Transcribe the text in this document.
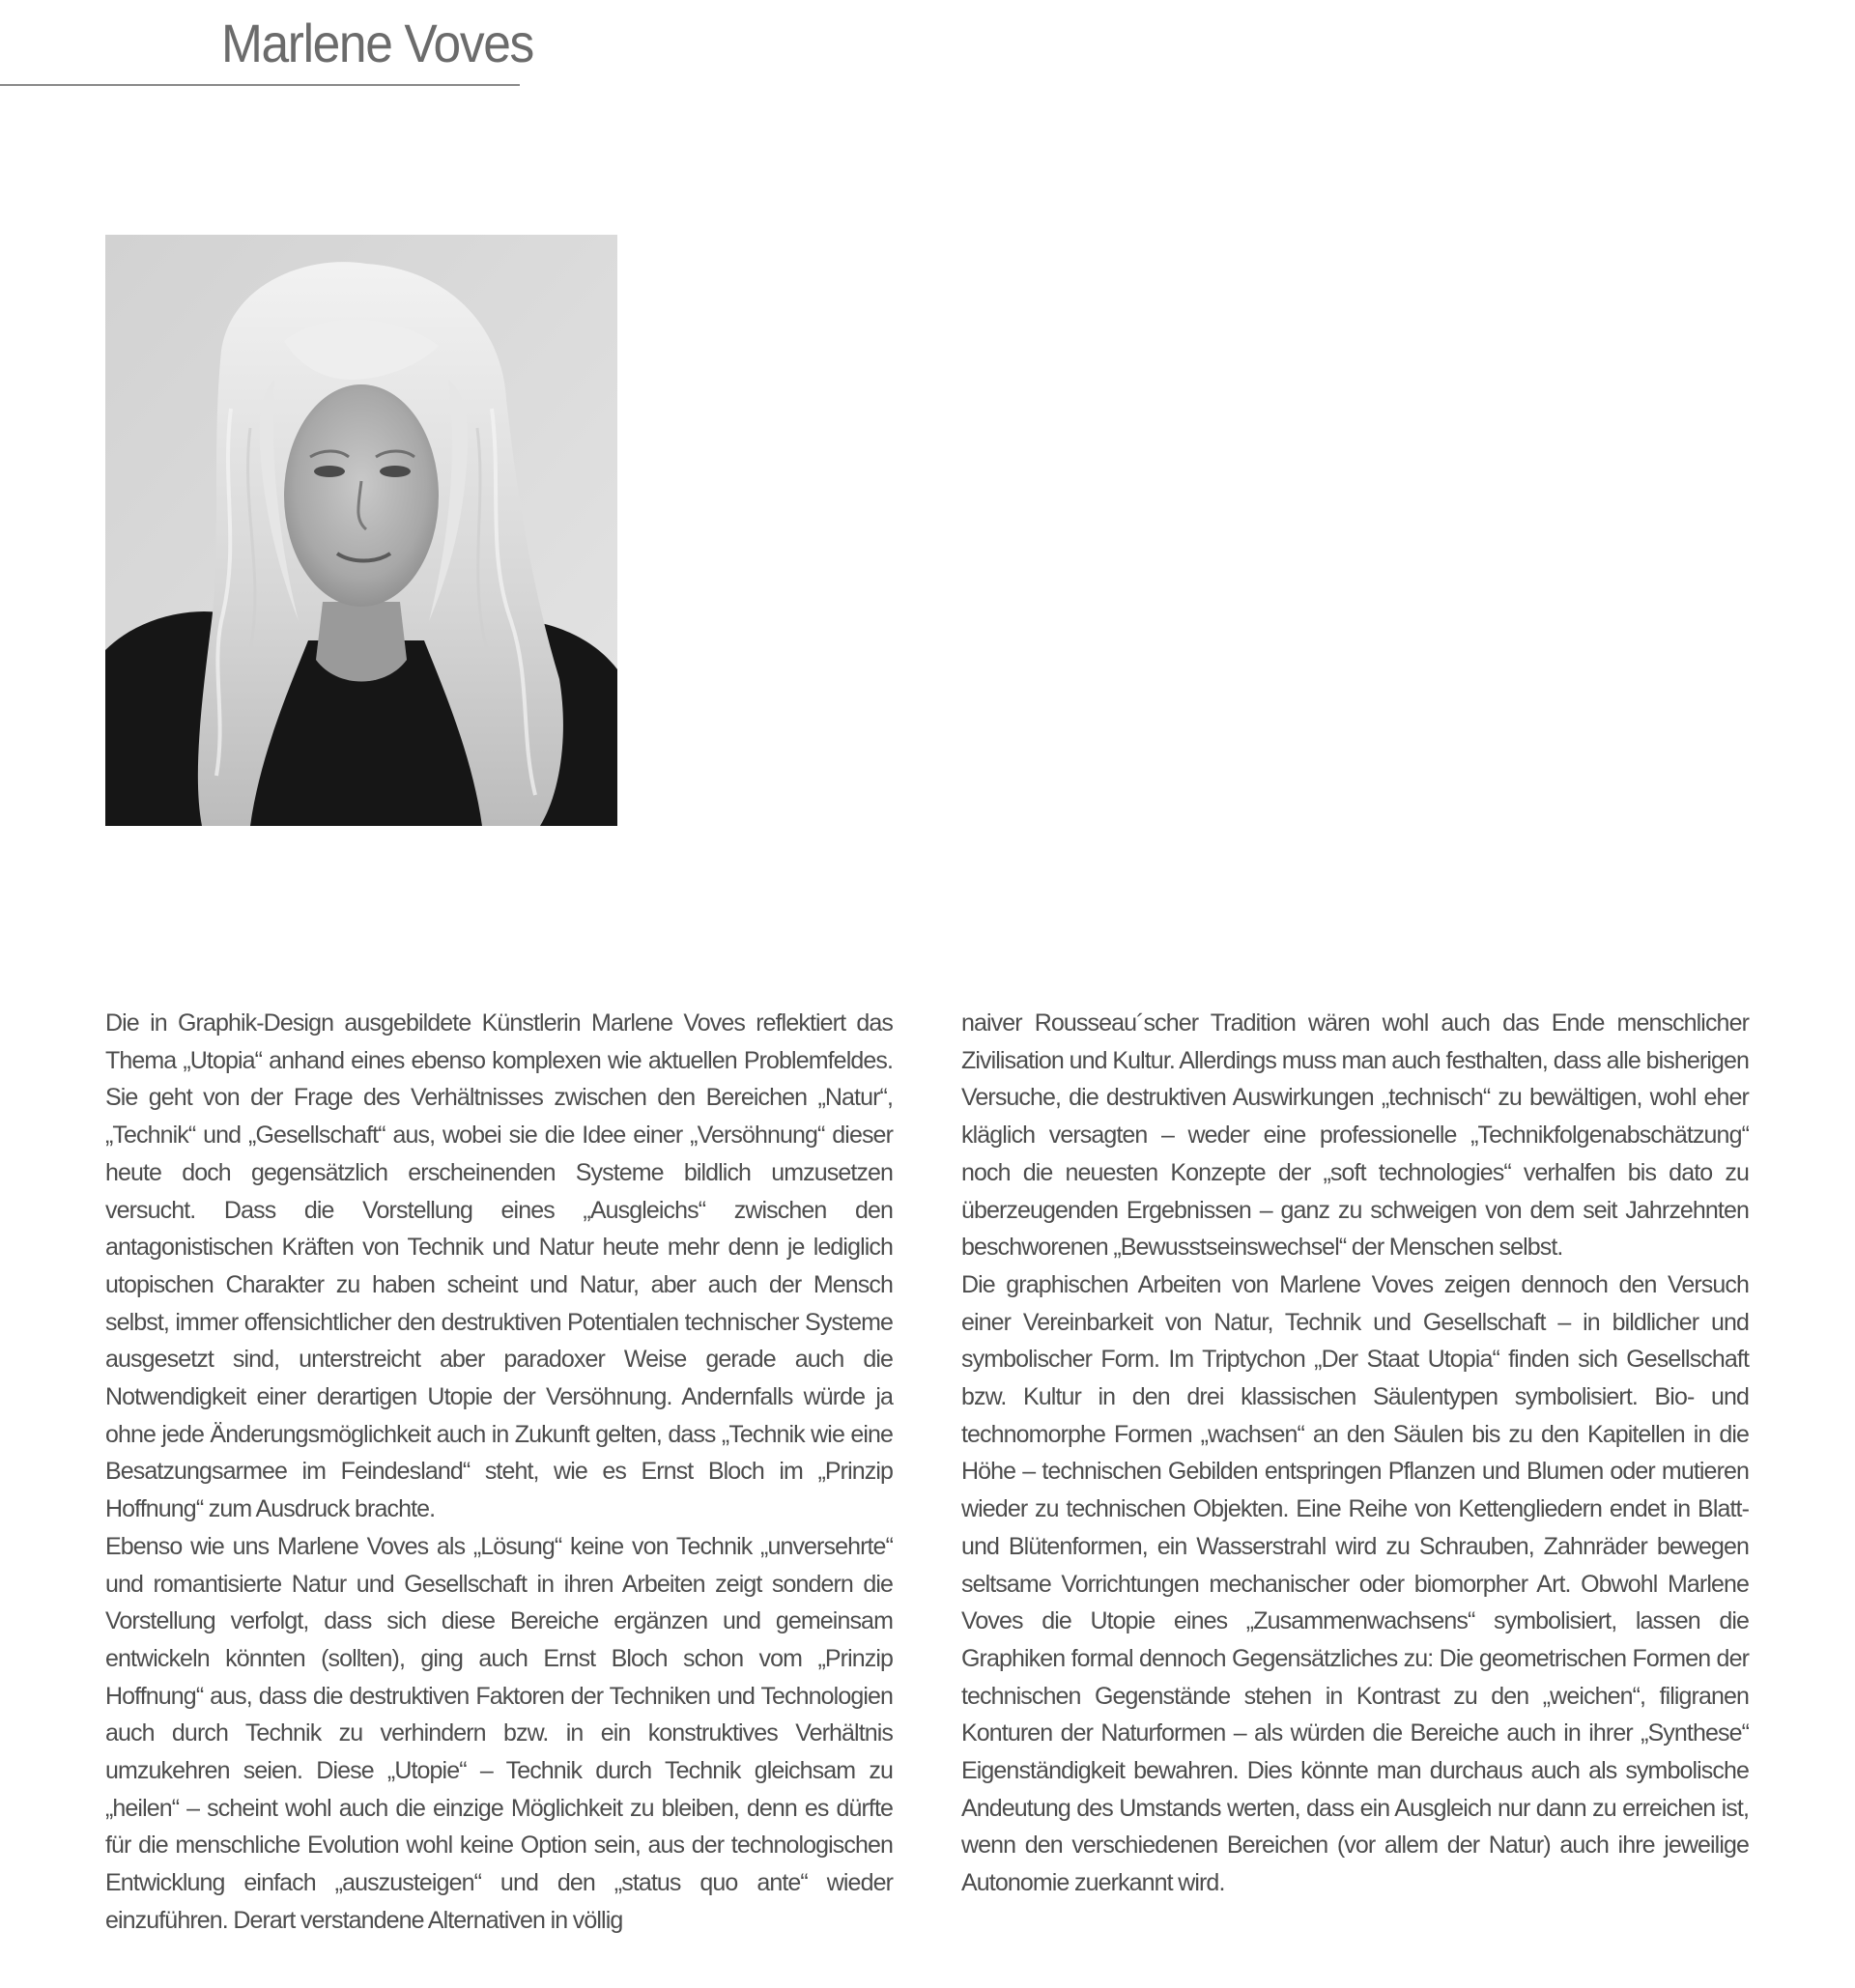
Marlene Voves

Die in Graphik-Design ausgebildete Künstlerin Marlene Voves reflektiert das Thema „Utopia“ anhand eines ebenso komplexen wie aktuellen Problemfeldes. Sie geht von der Frage des Verhältnisses zwischen den Bereichen „Natur“, „Technik“ und „Gesellschaft“ aus, wobei sie die Idee einer „Versöhnung“ dieser heute doch gegensätzlich erscheinenden Systeme bildlich umzusetzen versucht. Dass die Vorstellung eines „Ausgleichs“ zwischen den antagonistischen Kräften von Technik und Natur heute mehr denn je lediglich utopischen Charakter zu haben scheint und Natur, aber auch der Mensch selbst, immer offensichtlicher den destruktiven Potentialen technischer Systeme ausgesetzt sind, unterstreicht aber paradoxer Weise gerade auch die Notwendigkeit einer derartigen Utopie der Versöhnung. Andernfalls würde ja ohne jede Änderungsmöglichkeit auch in Zukunft gelten, dass „Technik wie eine Besatzungsarmee im Feindesland“ steht, wie es Ernst Bloch im „Prinzip Hoffnung“ zum Ausdruck brachte.

Ebenso wie uns Marlene Voves als „Lösung“ keine von Technik „unversehrte“ und romantisierte Natur und Gesellschaft in ihren Arbeiten zeigt sondern die Vorstellung verfolgt, dass sich diese Bereiche ergänzen und gemeinsam entwickeln könnten (sollten), ging auch Ernst Bloch schon vom „Prinzip Hoffnung“ aus, dass die destruktiven Faktoren der Techniken und Technologien auch durch Technik zu verhindern bzw. in ein konstruktives Verhältnis umzukehren seien. Diese „Utopie“ – Technik durch Technik gleichsam zu „heilen“ – scheint wohl auch die einzige Möglichkeit zu bleiben, denn es dürfte für die menschliche Evolution wohl keine Option sein, aus der technologischen Entwicklung einfach „auszusteigen“ und den „status quo ante“ wieder einzuführen. Derart verstandene Alternativen in völlig

naiver Rousseau´scher Tradition wären wohl auch das Ende menschlicher Zivilisation und Kultur. Allerdings muss man auch festhalten, dass alle bisherigen Versuche, die destruktiven Auswirkungen „technisch“ zu bewältigen, wohl eher kläglich versagten – weder eine professionelle „Technikfolgenabschätzung“ noch die neuesten Konzepte der „soft technologies“ verhalfen bis dato zu überzeugenden Ergebnissen – ganz zu schweigen von dem seit Jahrzehnten beschworenen „Bewusstseinswechsel“ der Menschen selbst.

Die graphischen Arbeiten von Marlene Voves zeigen dennoch den Versuch einer Vereinbarkeit von Natur, Technik und Gesellschaft – in bildlicher und symbolischer Form. Im Triptychon „Der Staat Utopia“ finden sich Gesellschaft bzw. Kultur in den drei klassischen Säulentypen symbolisiert. Bio- und technomorphe Formen „wachsen“ an den Säulen bis zu den Kapitellen in die Höhe – technischen Gebilden entspringen Pflanzen und Blumen oder mutieren wieder zu technischen Objekten. Eine Reihe von Kettengliedern endet in Blatt- und Blütenformen, ein Wasserstrahl wird zu Schrauben, Zahnräder bewegen seltsame Vorrichtungen mechanischer oder biomorpher Art. Obwohl Marlene Voves die Utopie eines „Zusammenwachsens“ symbolisiert, lassen die Graphiken formal dennoch Gegensätzliches zu: Die geometrischen Formen der technischen Gegenstände stehen in Kontrast zu den „weichen“, filigranen Konturen der Naturformen – als würden die Bereiche auch in ihrer „Synthese“ Eigenständigkeit bewahren. Dies könnte man durchaus auch als symbolische Andeutung des Umstands werten, dass ein Ausgleich nur dann zu erreichen ist, wenn den verschiedenen Bereichen (vor allem der Natur) auch ihre jeweilige Autonomie zuerkannt wird.
